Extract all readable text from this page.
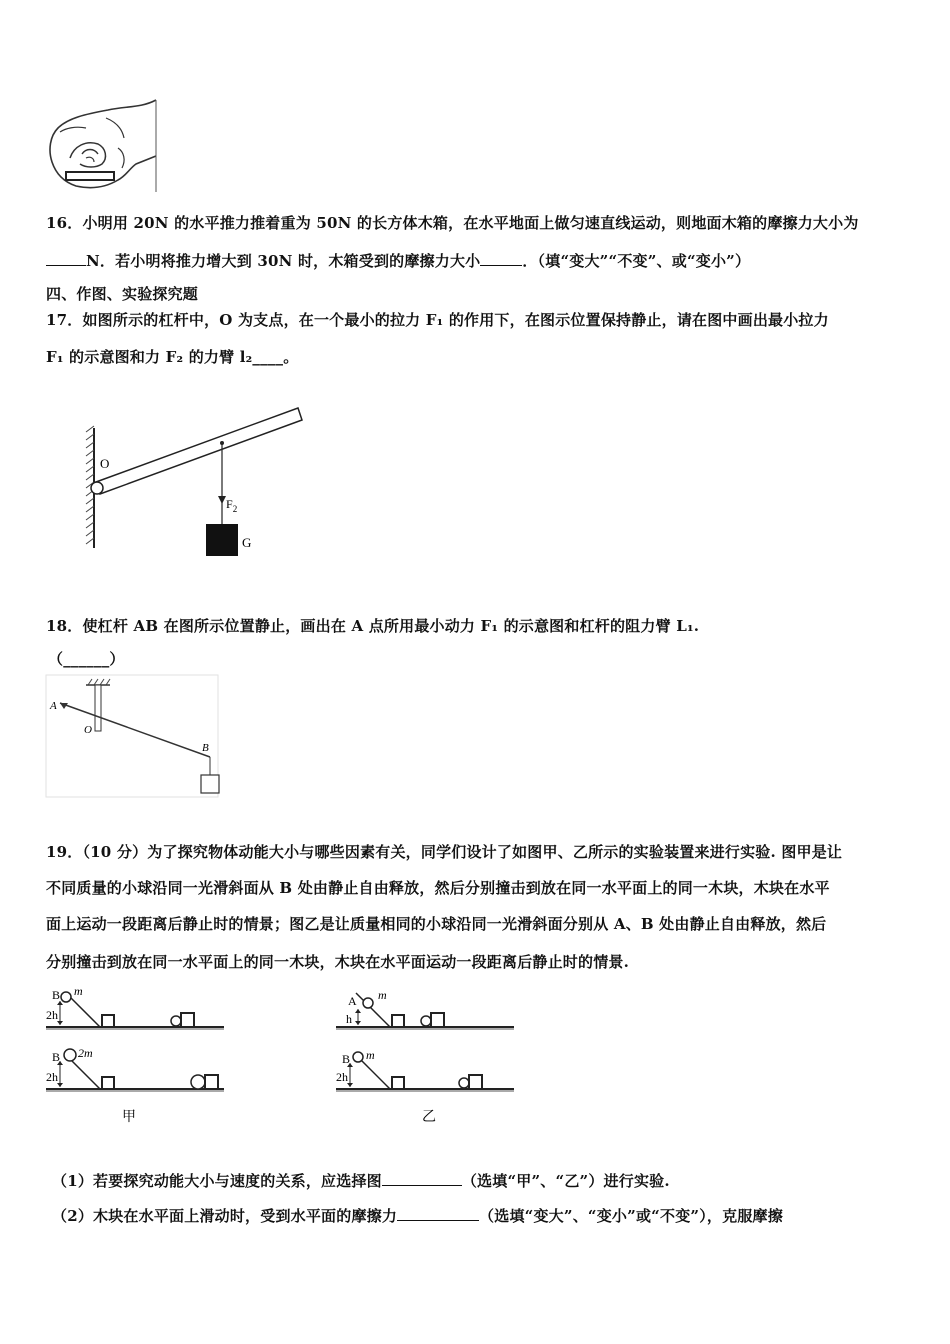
16．小明用 20N 的水平推力推着重为 50N 的长方体木箱，在水平地面上做匀速直线运动，则地面木箱的摩擦力大小为
N．若小明将推力增大到 30N 时，木箱受到的摩擦力大小	．（填“变大”“不变”、或“变小”）
四、作图、实验探究题
17．如图所示的杠杆中，O 为支点，在一个最小的拉力 F₁ 的作用下，在图示位置保持静止，请在图中画出最小拉力
F₁ 的示意图和力 F₂ 的力臂 l₂____。
O
$F_2$
G
18．使杠杆 AB 在图所示位置静止，画出在 A 点所用最小动力 F₁ 的示意图和杠杆的阻力臂 L₁.
（______）
A
O
B
19．（10 分）为了探究物体动能大小与哪些因素有关，同学们设计了如图甲、乙所示的实验装置来进行实验. 图甲是让
不同质量的小球沿同一光滑斜面从 B 处由静止自由释放，然后分别撞击到放在同一水平面上的同一木块，木块在水平
面上运动一段距离后静止时的情景；图乙是让质量相同的小球沿同一光滑斜面分别从 A、B 处由静止自由释放，然后
分别撞击到放在同一水平面上的同一木块，木块在水平面运动一段距离后静止时的情景.
B m
2h
B 2m
2h
甲
A m
h
B m
2h
乙
（1）若要探究动能大小与速度的关系，应选择图	（选填“甲”、“乙”）进行实验.
（2）木块在水平面上滑动时，受到水平面的摩擦力	（选填“变大”、“变小”或“不变”），克服摩擦
